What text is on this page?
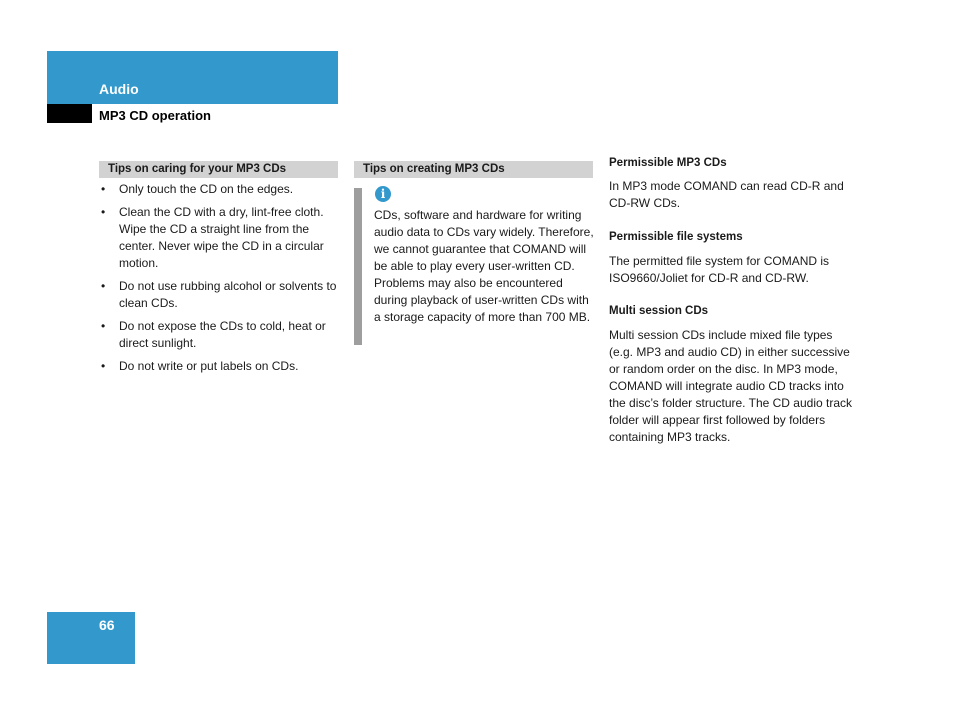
Audio
MP3 CD operation
Tips on caring for your MP3 CDs	Tips on creating MP3 CDs
• Only touch the CD on the edges.
• Clean the CD with a dry, lint-free cloth. Wipe the CD a straight line from the center. Never wipe the CD in a circular motion.
• Do not use rubbing alcohol or solvents to clean CDs.
• Do not expose the CDs to cold, heat or direct sunlight.
• Do not write or put labels on CDs.
i

CDs, software and hardware for writing audio data to CDs vary widely. Therefore, we cannot guarantee that COMAND will be able to play every user-written CD. Problems may also be encountered during playback of user-written CDs with a storage capacity of more than 700 MB.

Permissible MP3 CDs

In MP3 mode COMAND can read CD-R and CD-RW CDs.

Permissible file systems

The permitted file system for COMAND is ISO9660/Joliet for CD-R and CD-RW.

Multi session CDs

Multi session CDs include mixed file types (e.g. MP3 and audio CD) in either successive or random order on the disc. In MP3 mode, COMAND will integrate audio CD tracks into the disc’s folder structure. The CD audio track folder will appear first followed by folders containing MP3 tracks.

66
